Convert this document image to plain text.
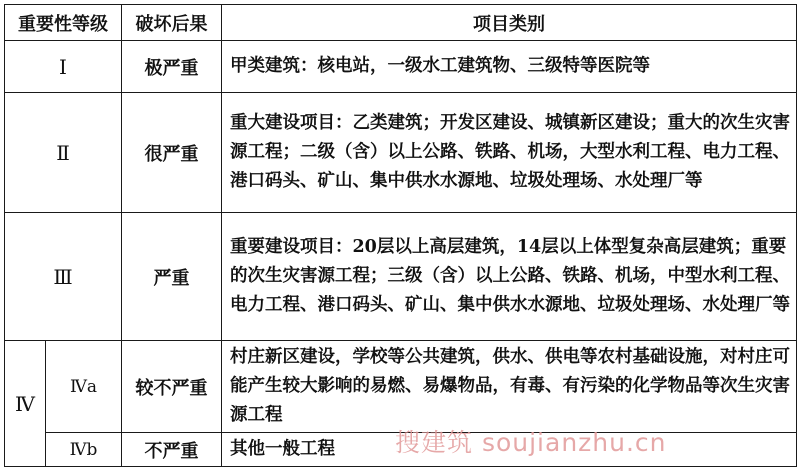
重要性等级		破坏后果	项目类别
Ⅰ		极严重	甲类建筑：核电站，一级水工建筑物、三级特等医院等
Ⅱ		很严重	重大建设项目：乙类建筑；开发区建设、城镇新区建设；重大的次生灾害源工程；二级（含）以上公路、铁路、机场，大型水利工程、电力工程、港口码头、矿山、集中供水水源地、垃圾处理场、水处理厂等
Ⅲ		严重	重要建设项目：20层以上高层建筑，14层以上体型复杂高层建筑；重要的次生灾害源工程；三级（含）以上公路、铁路、机场，中型水利工程、电力工程、港口码头、矿山、集中供水水源地、垃圾处理场、水处理厂等
Ⅳ	Ⅳa	较不严重	村庄新区建设，学校等公共建筑，供水、供电等农村基础设施，对村庄可能产生较大影响的易燃、易爆物品，有毒、有污染的化学物品等次生灾害源工程
	Ⅳb	不严重	其他一般工程 搜建筑 soujianzhu.cn
